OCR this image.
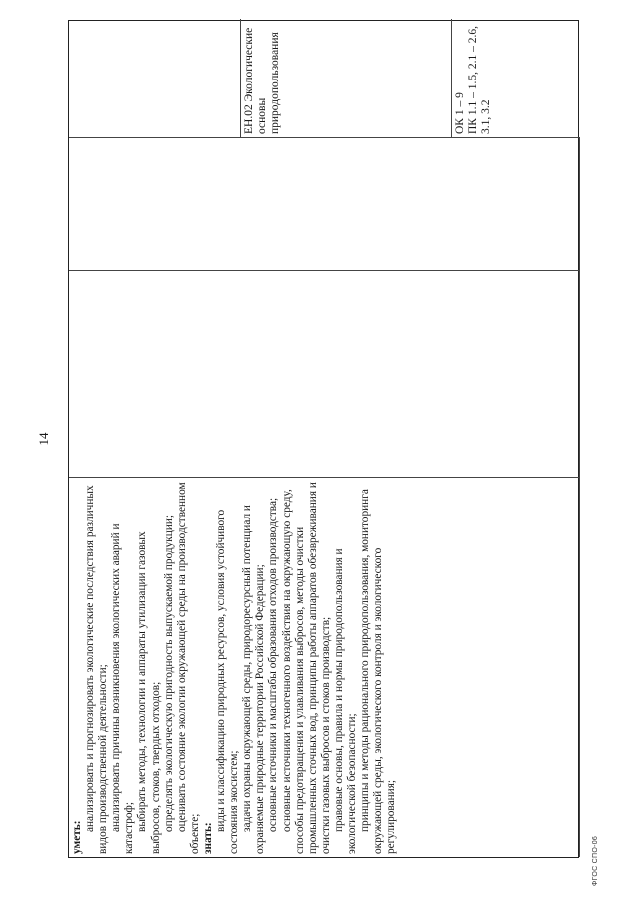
14

уметь:

анализировать и прогнозировать экологические последствия различных видов производственной деятельности; анализировать причины возникновения экологических аварий и катастроф; выбирать методы, технологии и аппараты утилизации газовых выбросов, стоков, твердых отходов; определять экологическую пригодность выпускаемой продукции; оценивать состояние экологии окружающей среды на производственном объекте; знать:

виды и классификацию природных ресурсов, условия устойчивого состояния экосистем; задачи охраны окружающей среды, природоресурсный потенциал и охраняемые природные территории Российской Федерации; основные источники и масштабы образования отходов производства; основные источники техногенного воздействия на окружающую среду, способы предотвращения и улавливания выбросов, методы очистки промышленных сточных вод, принципы работы аппаратов обезвреживания и очистки газовых выбросов и стоков производств; правовые основы, правила и нормы природопользования и экологической безопасности; принципы и методы рационального природопользования, мониторинга окружающей среды, экологического контроля и экологического регулирования;

ЕН.02 Экологические основы природопользования	ОК 1 – 9 ПК 1.1 – 1.5, 2.1 – 2.6, 3.1, 3.2
ФГОС СПО-06
